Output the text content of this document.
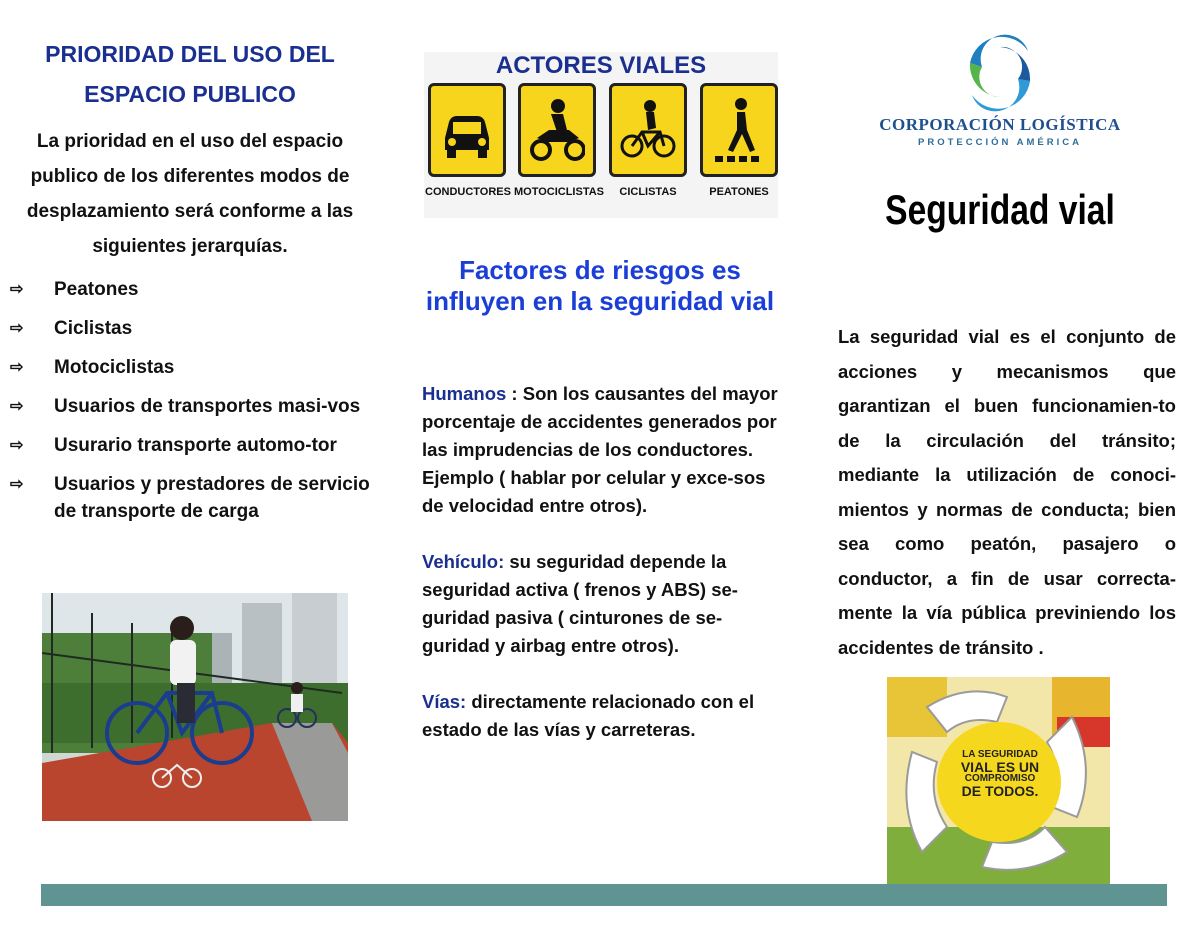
PRIORIDAD DEL USO DEL
ESPACIO PUBLICO
La prioridad en el uso del espacio publico de los diferentes modos de desplazamiento será conforme a las siguientes jerarquías.
⇨ Peatones
⇨ Ciclistas
⇨ Motociclistas
⇨ Usuarios de transportes masi-vos
⇨ Usurario transporte automo-tor
⇨ Usuarios y prestadores de servicio de transporte de carga
ACTORES VIALES
CONDUCTORES MOTOCICLISTAS	CICLISTAS	PEATONES
Factores de riesgos es influyen en la seguridad vial

Humanos : Son los causantes del mayor porcentaje de accidentes generados por las imprudencias de los conductores.
Ejemplo ( hablar por celular y exce-sos de velocidad entre otros).

Vehículo: su seguridad depende la seguridad activa ( frenos y ABS) se-guridad pasiva ( cinturones de se-guridad y airbag entre otros).

Vías: directamente relacionado con el estado de las vías y carreteras.

CORPORACIÓN LOGÍSTICA
PROTECCIÓN AMÉRICA
Seguridad vial
La seguridad vial es el conjunto de acciones y mecanismos que garantizan el buen funcionamien-to de la circulación del tránsito; mediante la utilización de conoci-mientos y normas de conducta; bien sea como peatón, pasajero o conductor, a fin de usar correcta-mente la vía pública previniendo los accidentes de tránsito .
LA SEGURIDAD
VIAL ES UN
COMPROMISO
DE TODOS.
